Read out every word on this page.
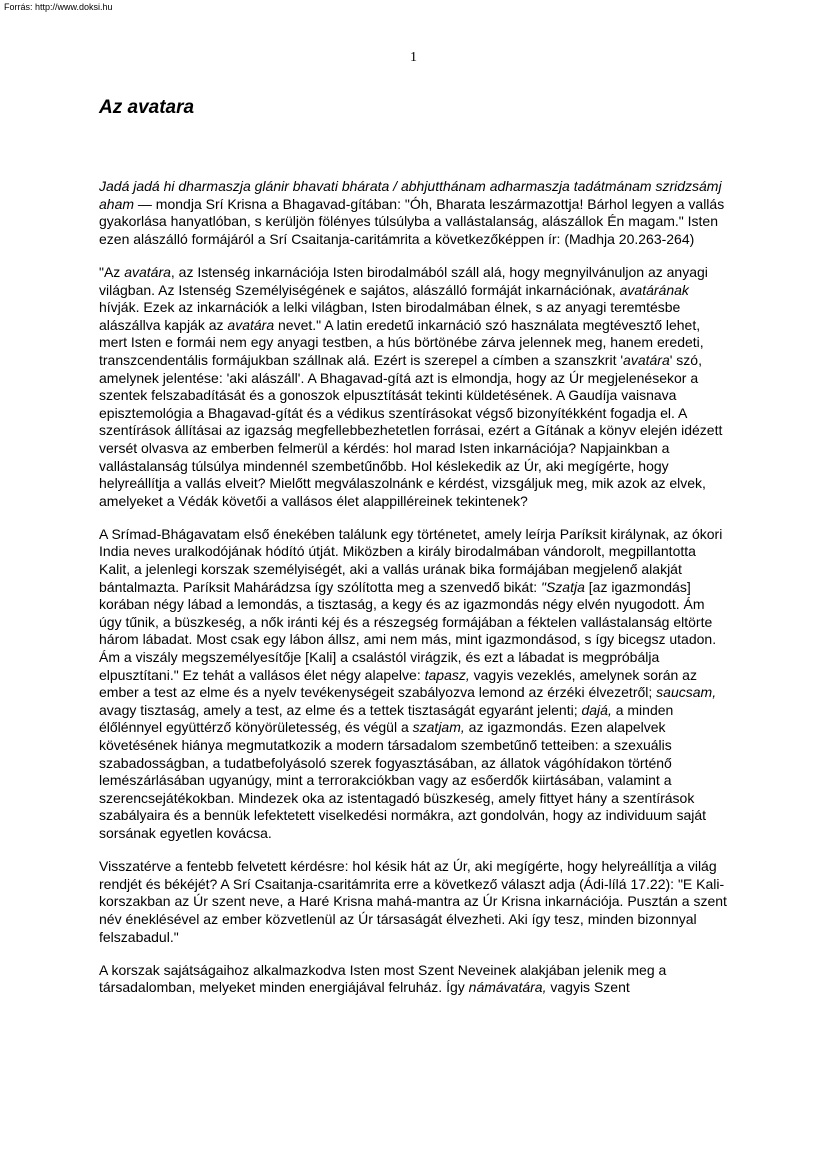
Forrás: http://www.doksi.hu
1
Az avatara

Jadá jadá hi dharmaszja glánir bhavati bhárata / abhjutthánam adharmaszja tadátmánam szridzsámj aham — mondja Srí Krisna a Bhagavad-gítában: "Óh, Bharata leszármazottja! Bárhol legyen a vallás gyakorlása hanyatlóban, s kerüljön fölényes túlsúlyba a vallástalanság, alászállok Én magam." Isten ezen alászálló formájáról a Srí Csaitanja-caritámrita a következőképpen ír: (Madhja 20.263-264)

"Az avatára, az Istenség inkarnációja Isten birodalmából száll alá, hogy megnyilvánuljon az anyagi világban. Az Istenség Személyiségének e sajátos, alászálló formáját inkarnációnak, avatárának hívják. Ezek az inkarnációk a lelki világban, Isten birodalmában élnek, s az anyagi teremtésbe alászállva kapják az avatára nevet." A latin eredetű inkarnáció szó használata megtévesztő lehet, mert Isten e formái nem egy anyagi testben, a hús börtönébe zárva jelennek meg, hanem eredeti, transzcendentális formájukban szállnak alá. Ezért is szerepel a címben a szanszkrit 'avatára' szó, amelynek jelentése: 'aki alászáll'. A Bhagavad-gítá azt is elmondja, hogy az Úr megjelenésekor a szentek felszabadítását és a gonoszok elpusztítását tekinti küldetésének. A Gaudíja vaisnava episztemológia a Bhagavad-gítát és a védikus szentírásokat végső bizonyítékként fogadja el. A szentírások állításai az igazság megfellebbezhetetlen forrásai, ezért a Gítának a könyv elején idézett versét olvasva az emberben felmerül a kérdés: hol marad Isten inkarnációja? Napjainkban a vallástalanság túlsúlya mindennél szembetűnőbb. Hol késlekedik az Úr, aki megígérte, hogy helyreállítja a vallás elveit? Mielőtt megválaszolnánk e kérdést, vizsgáljuk meg, mik azok az elvek, amelyeket a Védák követői a vallásos élet alappilléreinek tekintenek?

A Srímad-Bhágavatam első énekében találunk egy történetet, amely leírja Paríksit királynak, az ókori India neves uralkodójának hódító útját. Miközben a király birodalmában vándorolt, megpillantotta Kalit, a jelenlegi korszak személyiségét, aki a vallás urának bika formájában megjelenő alakját bántalmazta. Paríksit Mahárádzsa így szólította meg a szenvedő bikát: "Szatja [az igazmondás] korában négy lábad a lemondás, a tisztaság, a kegy és az igazmondás négy elvén nyugodott. Ám úgy tűnik, a büszkeség, a nők iránti kéj és a részegség formájában a féktelen vallástalanság eltörte három lábadat. Most csak egy lábon állsz, ami nem más, mint igazmondásod, s így bicegsz utadon. Ám a viszály megszemélyesítője [Kali] a csalástól virágzik, és ezt a lábadat is megpróbálja elpusztítani." Ez tehát a vallásos élet négy alapelve: tapasz, vagyis vezeklés, amelynek során az ember a test az elme és a nyelv tevékenységeit szabályozva lemond az érzéki élvezetről; saucsam, avagy tisztaság, amely a test, az elme és a tettek tisztaságát egyaránt jelenti; dajá, a minden élőlénnyel együttérző könyörületesség, és végül a szatjam, az igazmondás. Ezen alapelvek követésének hiánya megmutatkozik a modern társadalom szembetűnő tetteiben: a szexuális szabadosságban, a tudatbefolyásoló szerek fogyasztásában, az állatok vágóhídakon történő lemészárlásában ugyanúgy, mint a terrorakciókban vagy az esőerdők kiirtásában, valamint a szerencsejátékokban. Mindezek oka az istentagadó büszkeség, amely fittyet hány a szentírások szabályaira és a bennük lefektetett viselkedési normákra, azt gondolván, hogy az individuum saját sorsának egyetlen kovácsa.

Visszatérve a fentebb felvetett kérdésre: hol késik hát az Úr, aki megígérte, hogy helyreállítja a világ rendjét és békéjét? A Srí Csaitanja-csaritámrita erre a következő választ adja (Ádi-lílá 17.22): "E Kali-korszakban az Úr szent neve, a Haré Krisna mahá-mantra az Úr Krisna inkarnációja. Pusztán a szent név éneklésével az ember közvetlenül az Úr társaságát élvezheti. Aki így tesz, minden bizonnyal felszabadul."

A korszak sajátságaihoz alkalmazkodva Isten most Szent Neveinek alakjában jelenik meg a társadalomban, melyeket minden energiájával felruház. Így námávatára, vagyis Szent
